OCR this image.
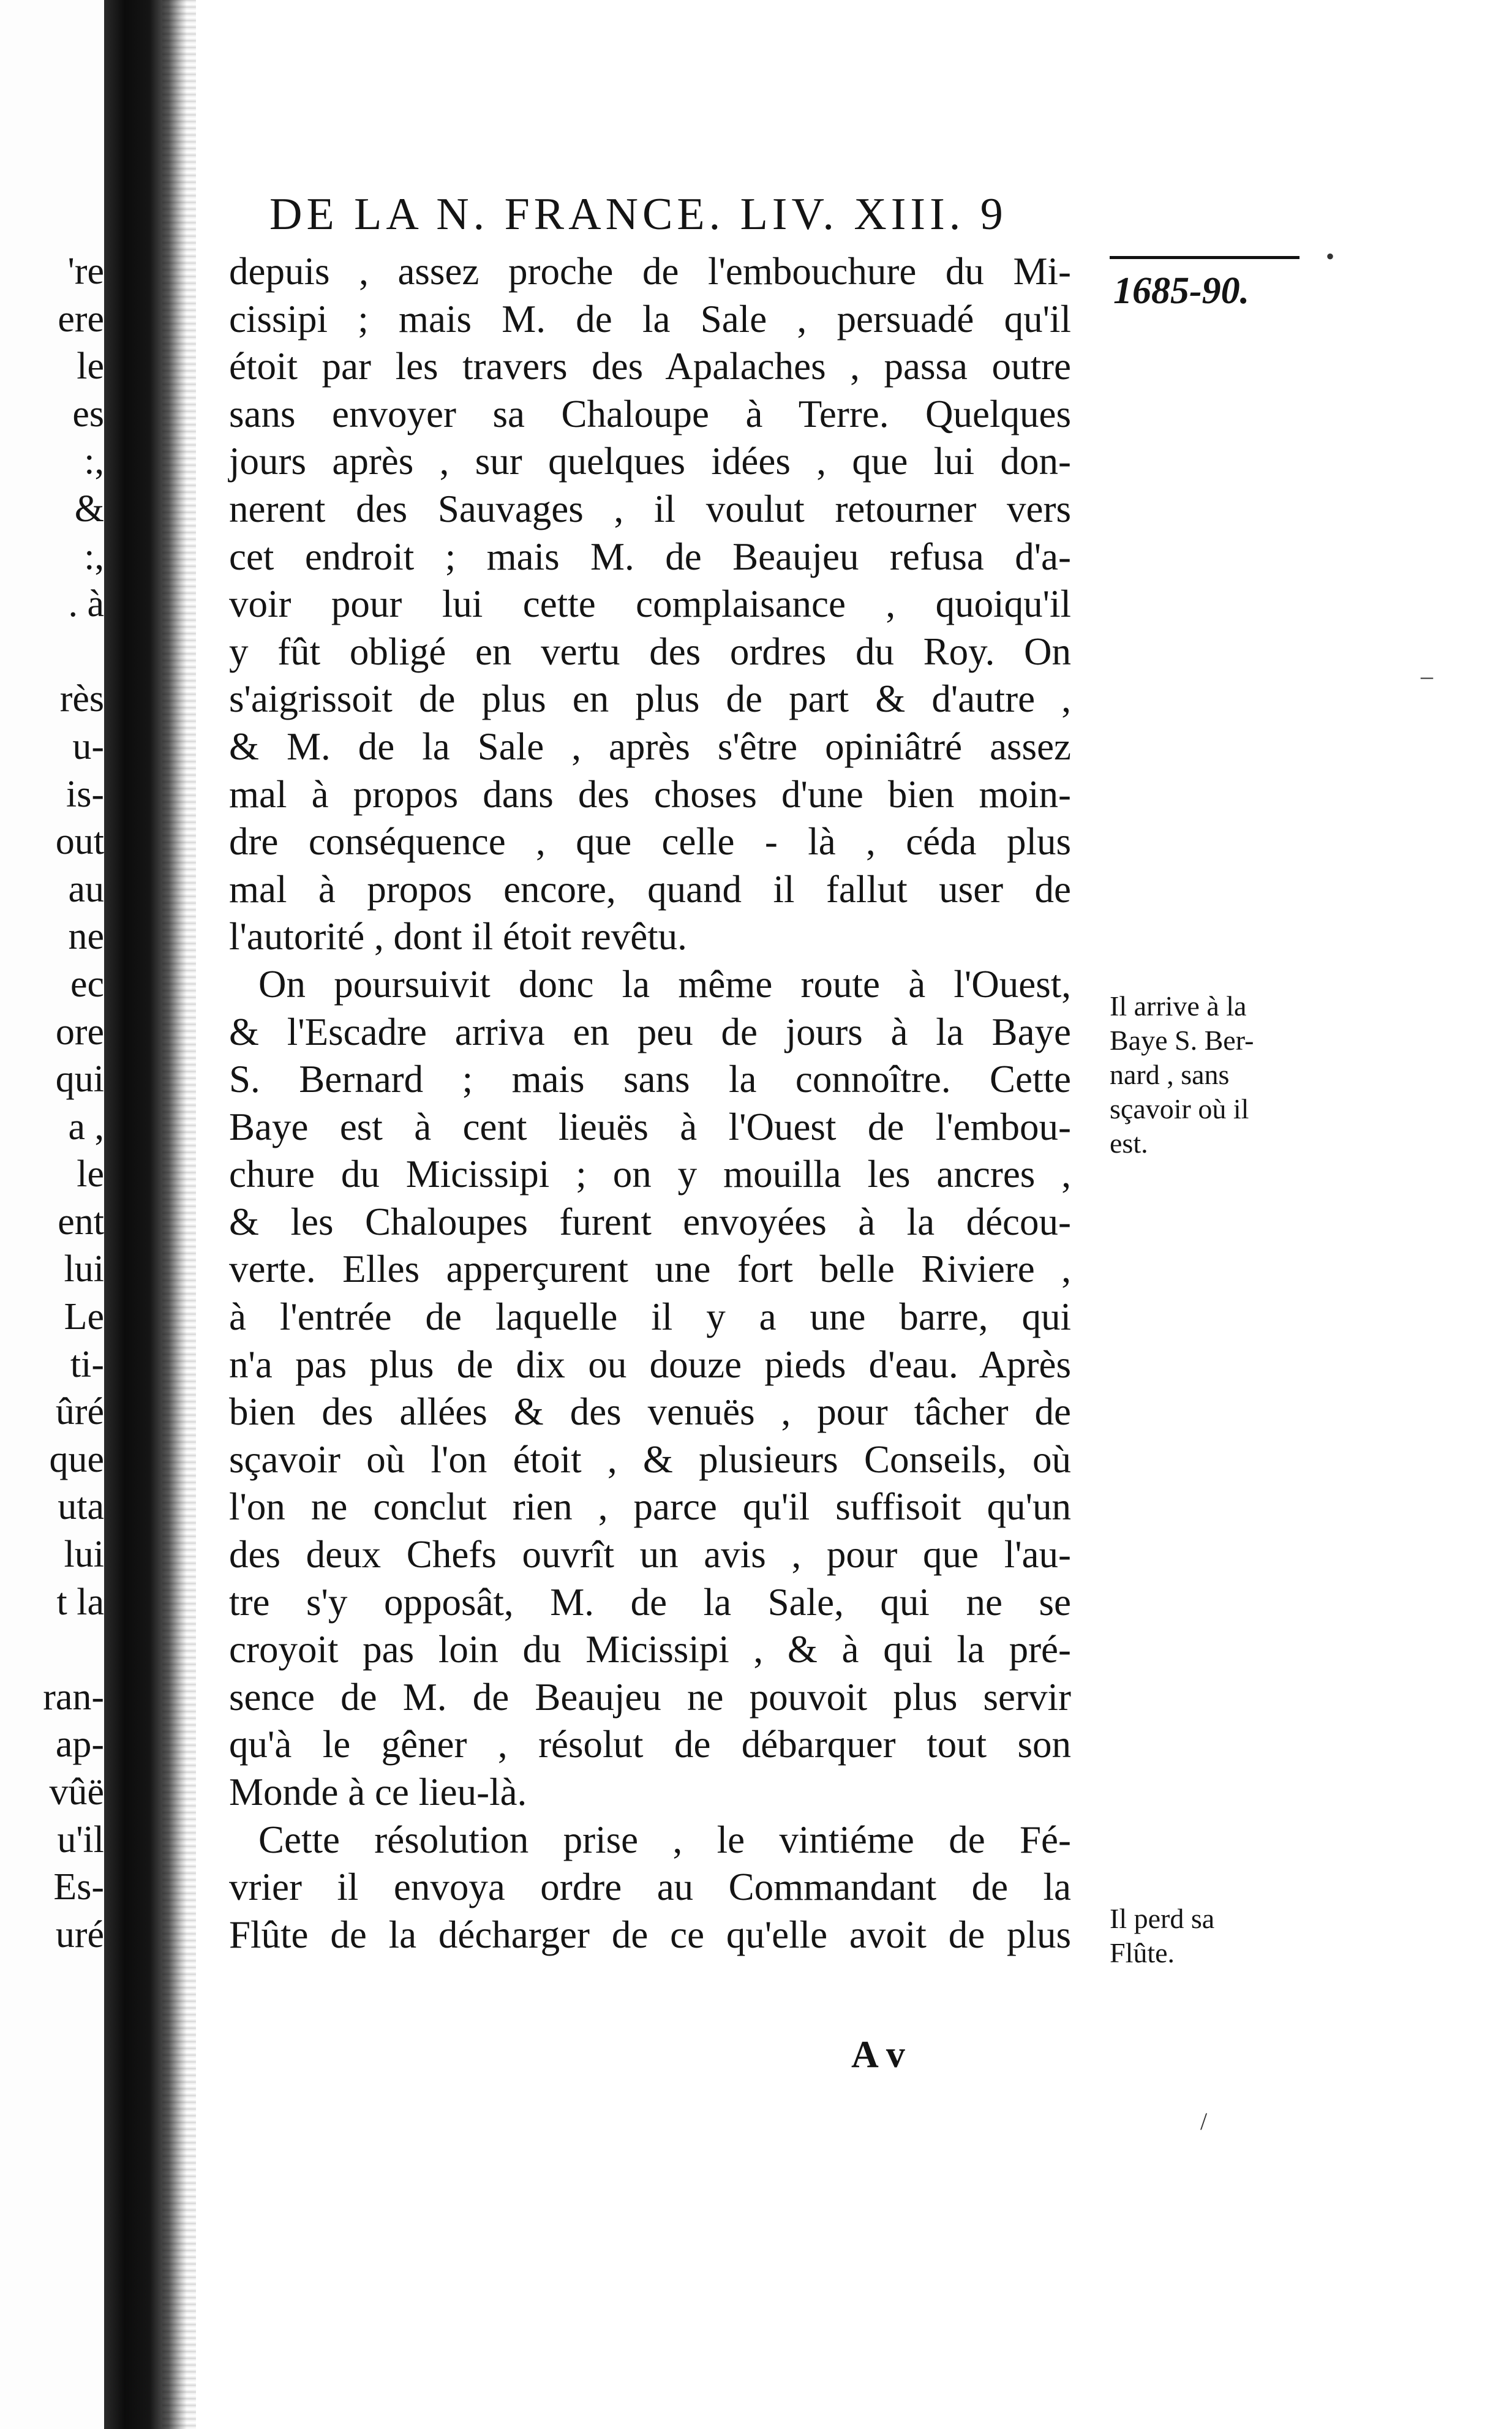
're
ere
le
es
:,
&
:,
. à
rès
u-
is-
out
au
ne
ec
ore
qui
a ,
le
ent
lui
Le
ti-
ûré
que
uta
lui
t la
ran-
ap-
vûë
u'il
Es-
uré
DE LA N. FRANCE. LIV. XIII. 9
1685-90.
depuis , assez proche de l'embouchure du Mi-
cissipi ; mais M. de la Sale , persuadé qu'il
étoit par les travers des Apalaches , passa outre
sans envoyer sa Chaloupe à Terre. Quelques
jours après , sur quelques idées , que lui don-
nerent des Sauvages , il voulut retourner vers
cet endroit ; mais M. de Beaujeu refusa d'a-
voir pour lui cette complaisance , quoiqu'il
y fût obligé en vertu des ordres du Roy. On
s'aigrissoit de plus en plus de part & d'autre ,
& M. de la Sale , après s'être opiniâtré assez
mal à propos dans des choses d'une bien moin-
dre conséquence , que celle - là , céda plus
mal à propos encore, quand il fallut user de
l'autorité , dont il étoit revêtu.
On poursuivit donc la même route à l'Ouest,
& l'Escadre arriva en peu de jours à la Baye
S. Bernard ; mais sans la connoître. Cette
Baye est à cent lieuës à l'Ouest de l'embou-
chure du Micissipi ; on y mouilla les ancres ,
& les Chaloupes furent envoyées à la décou-
verte. Elles apperçurent une fort belle Riviere ,
à l'entrée de laquelle il y a une barre, qui
n'a pas plus de dix ou douze pieds d'eau. Après
bien des allées & des venuës , pour tâcher de
sçavoir où l'on étoit , & plusieurs Conseils, où
l'on ne conclut rien , parce qu'il suffisoit qu'un
des deux Chefs ouvrît un avis , pour que l'au-
tre s'y opposât, M. de la Sale, qui ne se
croyoit pas loin du Micissipi , & à qui la pré-
sence de M. de Beaujeu ne pouvoit plus servir
qu'à le gêner , résolut de débarquer tout son
Monde à ce lieu-là.
Cette résolution prise , le vintiéme de Fé-
vrier il envoya ordre au Commandant de la
Flûte de la décharger de ce qu'elle avoit de plus
Il arrive à la
Baye S. Ber-
nard , sans
sçavoir où il
est.
Il perd sa
Flûte.
A v
•
–
/
